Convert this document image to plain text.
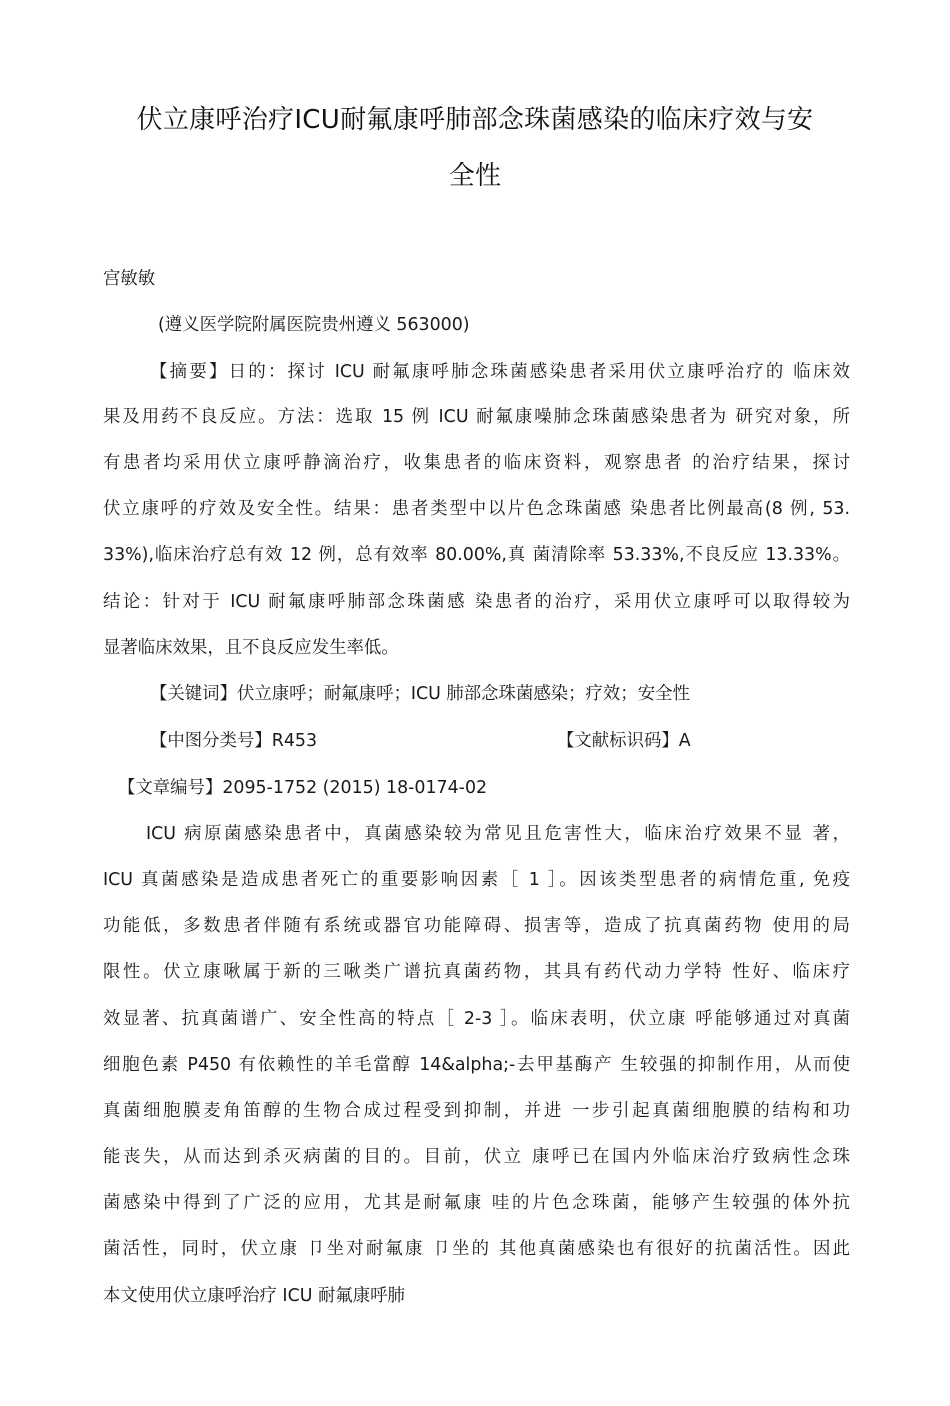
伏立康呼治疗ICU耐氟康呼肺部念珠菌感染的临床疗效与安
全性
宫敏敏
(遵义医学院附属医院贵州遵义 563000)
【摘要】日的：探讨 ICU 耐氟康呼肺念珠菌感染患者采用伏立康呼治疗的 临床效
果及用药不良反应。方法：选取 15 例 ICU 耐氟康噪肺念珠菌感染患者为 研究对象，所
有患者均采用伏立康呼静滴治疗，收集患者的临床资料，观察患者 的治疗结果，探讨
伏立康呼的疗效及安全性。结果：患者类型中以片色念珠菌感 染患者比例最高(8 例, 53.
33%),临床治疗总有效 12 例，总有效率 80.00%,真 菌清除率 53.33%,不良反应 13.33%。
结论：针对于 ICU 耐氟康呼肺部念珠菌感 染患者的治疗，采用伏立康呼可以取得较为
显著临床效果，且不良反应发生率低。
【关键词】伏立康呼；耐氟康呼；ICU 肺部念珠菌感染；疗效；安全性
【中图分类号】R453	【文献标识码】A
【文章编号】2095-1752 (2015) 18-0174-02
ICU 病原菌感染患者中，真菌感染较为常见且危害性大，临床治疗效果不显 著，
ICU 真菌感染是造成患者死亡的重要影响因素［ 1 ］。因该类型患者的病情危重, 免疫
功能低，多数患者伴随有系统或器官功能障碍、损害等，造成了抗真菌药物 使用的局
限性。伏立康啾属于新的三啾类广谱抗真菌药物，其具有药代动力学特 性好、临床疗
效显著、抗真菌谱广、安全性高的特点［ 2-3 ］。临床表明，伏立康 呼能够通过对真菌
细胞色素 P450 有依赖性的羊毛當醇 14&alpha;-去甲基酶产 生较强的抑制作用，从而使
真菌细胞膜麦角笛醇的生物合成过程受到抑制，并进 一步引起真菌细胞膜的结构和功
能丧失，从而达到杀灭病菌的目的。目前，伏立 康呼已在国内外临床治疗致病性念珠
菌感染中得到了广泛的应用，尤其是耐氟康 哇的片色念珠菌，能够产生较强的体外抗
菌活性，同时，伏立康 卩坐对耐氟康 卩坐的 其他真菌感染也有很好的抗菌活性。因此
本文使用伏立康呼治疗 ICU 耐氟康呼肺
